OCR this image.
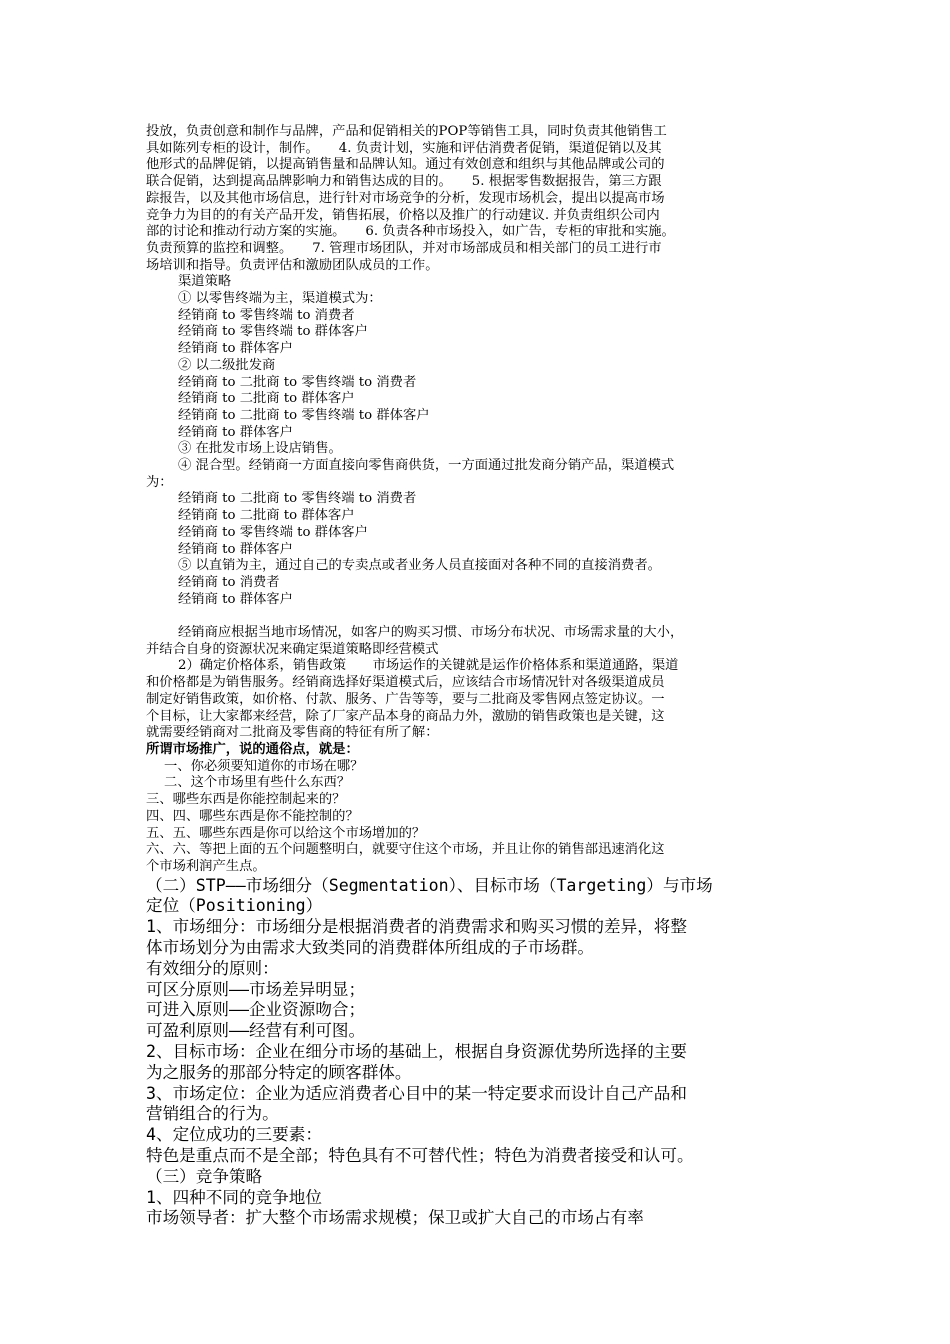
投放，负责创意和制作与品牌，产品和促销相关的POP等销售工具，同时负责其他销售工

具如陈列专柜的设计，制作。　　4. 负责计划，实施和评估消费者促销，渠道促销以及其

他形式的品牌促销，以提高销售量和品牌认知。通过有效创意和组织与其他品牌或公司的

联合促销，达到提高品牌影响力和销售达成的目的。　　5. 根据零售数据报告，第三方跟

踪报告，以及其他市场信息，进行针对市场竞争的分析，发现市场机会，提出以提高市场

竞争力为目的的有关产品开发，销售拓展，价格以及推广的行动建议. 并负责组织公司内

部的讨论和推动行动方案的实施。　　6. 负责各种市场投入，如广告，专柜的审批和实施。

负责预算的监控和调整。　　7. 管理市场团队，并对市场部成员和相关部门的员工进行市

场培训和指导。负责评估和激励团队成员的工作。

渠道策略

① 以零售终端为主，渠道模式为：

经销商 to 零售终端 to 消费者

经销商 to 零售终端 to 群体客户

经销商 to 群体客户

② 以二级批发商

经销商 to 二批商 to 零售终端 to 消费者

经销商 to 二批商 to 群体客户

经销商 to 二批商 to 零售终端 to 群体客户

经销商 to 群体客户

③ 在批发市场上设店销售。

④ 混合型。经销商一方面直接向零售商供货，一方面通过批发商分销产品，渠道模式

为：

经销商 to 二批商 to 零售终端 to 消费者

经销商 to 二批商 to 群体客户

经销商 to 零售终端 to 群体客户

经销商 to 群体客户

⑤ 以直销为主，通过自己的专卖点或者业务人员直接面对各种不同的直接消费者。

经销商 to 消费者

经销商 to 群体客户

经销商应根据当地市场情况，如客户的购买习惯、市场分布状况、市场需求量的大小，

并结合自身的资源状况来确定渠道策略即经营模式

2）确定价格体系，销售政策　　市场运作的关键就是运作价格体系和渠道通路，渠道

和价格都是为销售服务。经销商选择好渠道模式后，应该结合市场情况针对各级渠道成员

制定好销售政策，如价格、付款、服务、广告等等，要与二批商及零售网点签定协议。一

个目标，让大家都来经营，除了厂家产品本身的商品力外，激励的销售政策也是关键，这

就需要经销商对二批商及零售商的特征有所了解：

所谓市场推广，说的通俗点，就是：

一、你必须要知道你的市场在哪？

二、这个市场里有些什么东西？

三、哪些东西是你能控制起来的？

四、四、哪些东西是你不能控制的？

五、五、哪些东西是你可以给这个市场增加的？

六、六、等把上面的五个问题整明白，就要守住这个市场，并且让你的销售部迅速消化这

个市场利润产生点。

（二）STP——市场细分（Segmentation）、目标市场（Targeting）与市场

定位（Positioning）

1、市场细分：市场细分是根据消费者的消费需求和购买习惯的差异，将整

体市场划分为由需求大致类同的消费群体所组成的子市场群。

有效细分的原则：

可区分原则——市场差异明显；

可进入原则——企业资源吻合；

可盈利原则——经营有利可图。

2、目标市场：企业在细分市场的基础上，根据自身资源优势所选择的主要

为之服务的那部分特定的顾客群体。

3、市场定位：企业为适应消费者心目中的某一特定要求而设计自己产品和

营销组合的行为。

4、定位成功的三要素：

特色是重点而不是全部；特色具有不可替代性；特色为消费者接受和认可。

（三）竞争策略

1、四种不同的竞争地位

市场领导者：扩大整个市场需求规模；保卫或扩大自己的市场占有率
